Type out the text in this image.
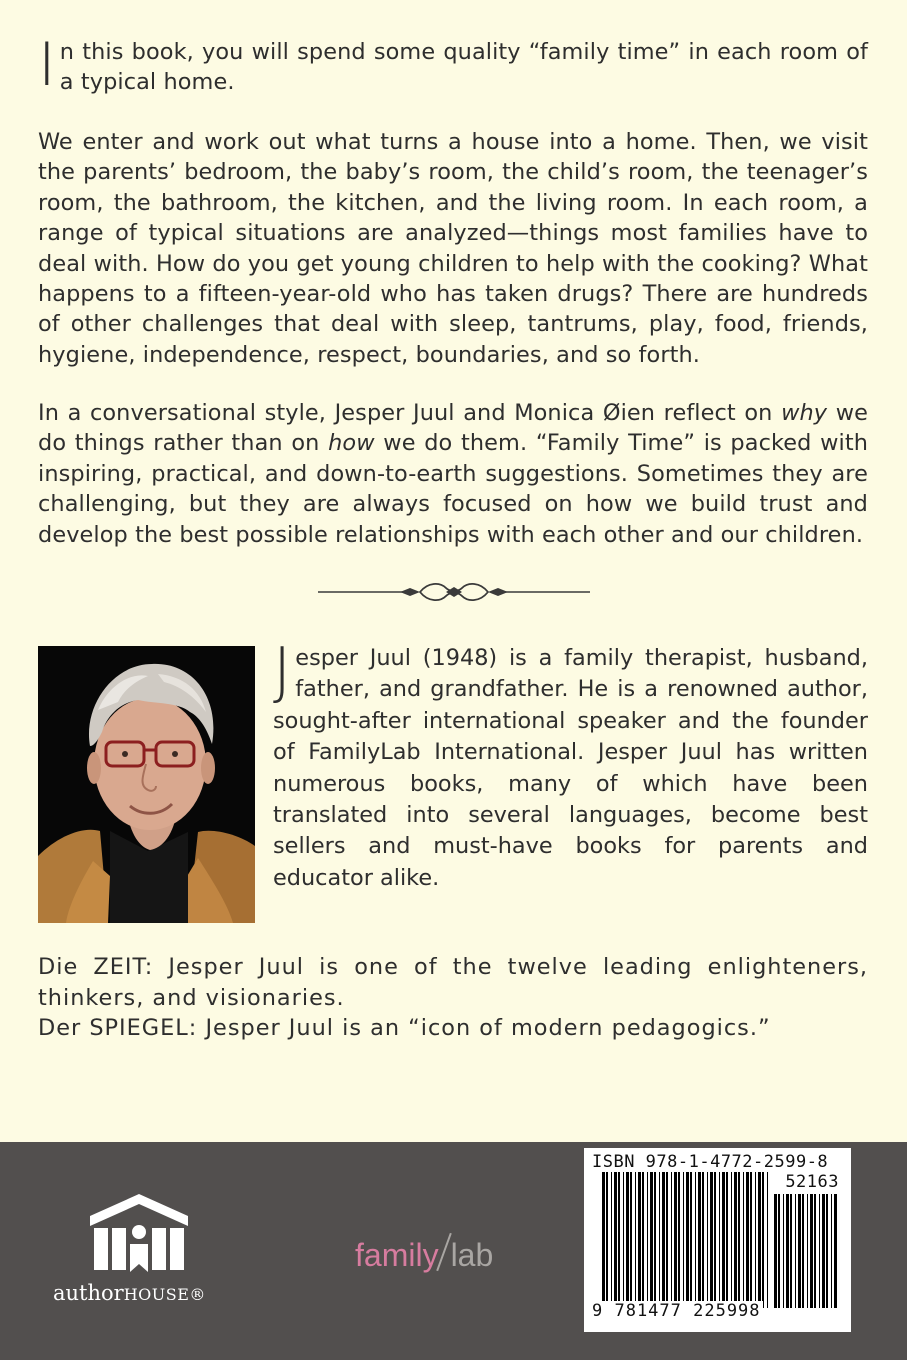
In this book, you will spend some quality “family time” in each room of a typical home.
We enter and work out what turns a house into a home. Then, we visit the parents’ bedroom, the baby’s room, the child’s room, the teenager’s room, the bathroom, the kitchen, and the living room. In each room, a range of typical situations are analyzed—things most families have to deal with. How do you get young children to help with the cooking? What happens to a fifteen-year-old who has taken drugs? There are hundreds of other challenges that deal with sleep, tantrums, play, food, friends, hygiene, independence, respect, boundaries, and so forth.
In a conversational style, Jesper Juul and Monica Øien reflect on why we do things rather than on how we do them. “Family Time” is packed with inspiring, practical, and down-to-earth suggestions. Sometimes they are challenging, but they are always focused on how we build trust and develop the best possible relationships with each other and our children.
Jesper Juul (1948) is a family therapist, husband, father, and grandfather. He is a renowned author, sought-after international speaker and the founder of FamilyLab International. Jesper Juul has written numerous books, many of which have been translated into several languages, become best sellers and must-have books for parents and educator alike.
Die ZEIT: Jesper Juul is one of the twelve leading enlighteners, thinkers, and visionaries.
Der SPIEGEL: Jesper Juul is an “icon of modern pedagogics.”
authorHOUSE®
family lab
ISBN 978-1-4772-2599-8
52163
9 781477 225998
